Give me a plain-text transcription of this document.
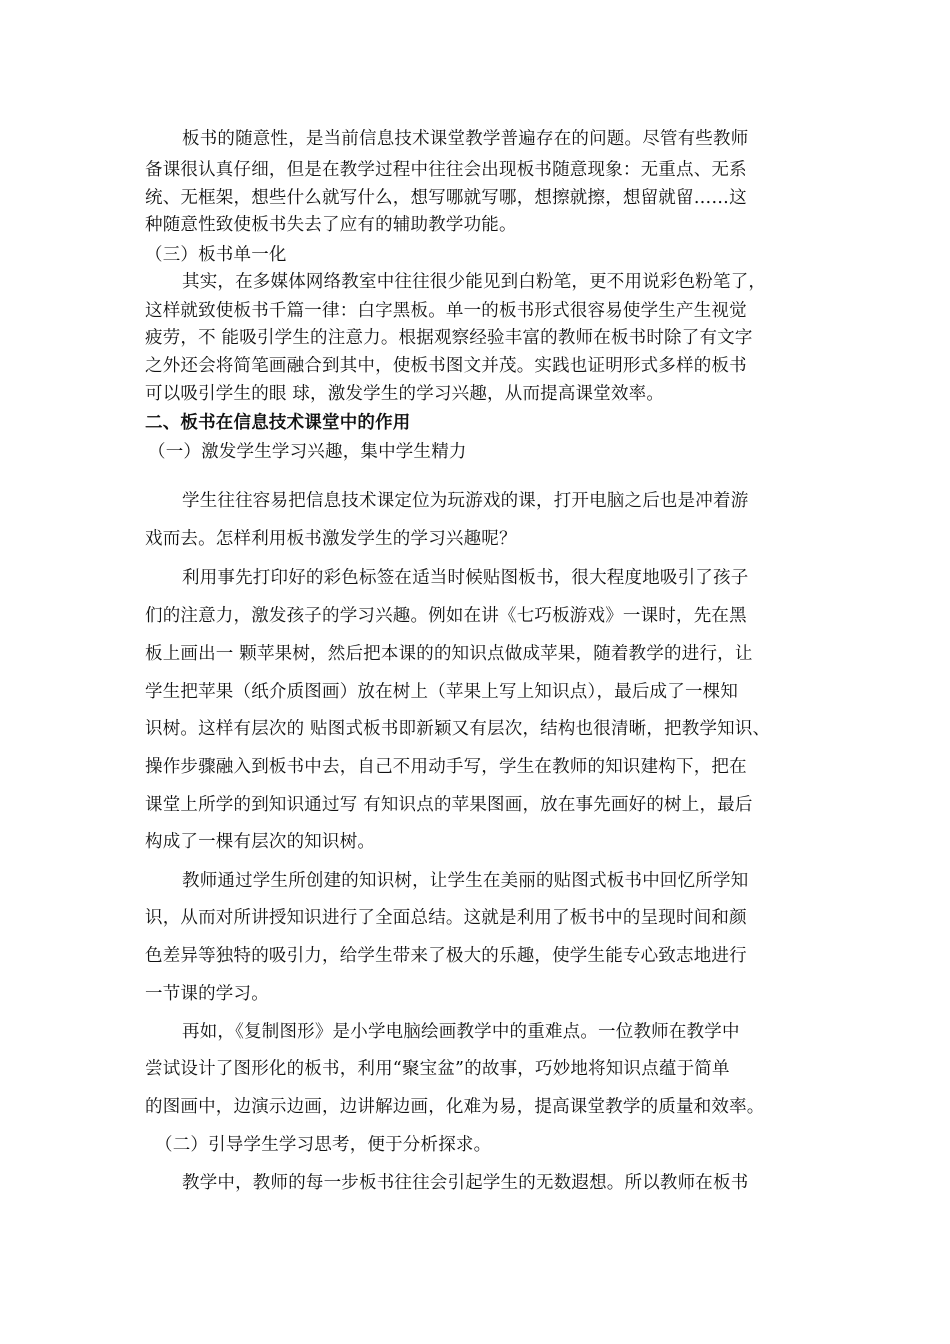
板书的随意性，是当前信息技术课堂教学普遍存在的问题。尽管有些教师
备课很认真仔细，但是在教学过程中往往会出现板书随意现象：无重点、无系
统、无框架，想些什么就写什么，想写哪就写哪，想擦就擦，想留就留……这
种随意性致使板书失去了应有的辅助教学功能。
（三）板书单一化
其实，在多媒体网络教室中往往很少能见到白粉笔，更不用说彩色粉笔了，
这样就致使板书千篇一律：白字黑板。单一的板书形式很容易使学生产生视觉
疲劳，不 能吸引学生的注意力。根据观察经验丰富的教师在板书时除了有文字
之外还会将简笔画融合到其中，使板书图文并茂。实践也证明形式多样的板书
可以吸引学生的眼 球，激发学生的学习兴趣，从而提高课堂效率。
二、板书在信息技术课堂中的作用
（一）激发学生学习兴趣，集中学生精力
学生往往容易把信息技术课定位为玩游戏的课，打开电脑之后也是冲着游
戏而去。怎样利用板书激发学生的学习兴趣呢？
利用事先打印好的彩色标签在适当时候贴图板书，很大程度地吸引了孩子
们的注意力，激发孩子的学习兴趣。例如在讲《七巧板游戏》一课时，先在黑
板上画出一 颗苹果树，然后把本课的的知识点做成苹果，随着教学的进行，让
学生把苹果（纸介质图画）放在树上（苹果上写上知识点），最后成了一棵知
识树。这样有层次的 贴图式板书即新颖又有层次，结构也很清晰，把教学知识、
操作步骤融入到板书中去，自己不用动手写，学生在教师的知识建构下，把在
课堂上所学的到知识通过写 有知识点的苹果图画，放在事先画好的树上，最后
构成了一棵有层次的知识树。
教师通过学生所创建的知识树，让学生在美丽的贴图式板书中回忆所学知
识，从而对所讲授知识进行了全面总结。这就是利用了板书中的呈现时间和颜
色差异等独特的吸引力，给学生带来了极大的乐趣，使学生能专心致志地进行
一节课的学习。
再如，《复制图形》是小学电脑绘画教学中的重难点。一位教师在教学中
尝试设计了图形化的板书，利用“聚宝盆”的故事，巧妙地将知识点蕴于简单
的图画中，边演示边画，边讲解边画，化难为易，提高课堂教学的质量和效率。
（二）引导学生学习思考，便于分析探求。
教学中，教师的每一步板书往往会引起学生的无数遐想。所以教师在板书
